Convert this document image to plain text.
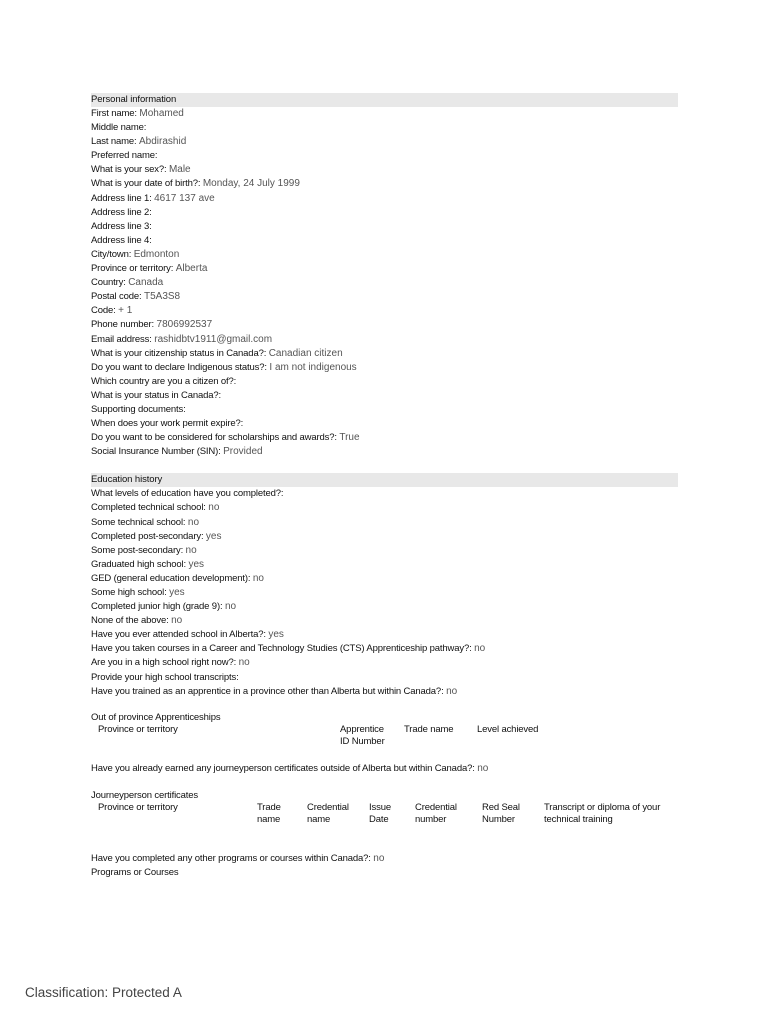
Personal information
First name: Mohamed
Middle name:
Last name: Abdirashid
Preferred name:
What is your sex?: Male
What is your date of birth?: Monday, 24 July 1999
Address line 1: 4617 137 ave
Address line 2:
Address line 3:
Address line 4:
City/town: Edmonton
Province or territory: Alberta
Country: Canada
Postal code: T5A3S8
Code: + 1
Phone number: 7806992537
Email address: rashidbtv1911@gmail.com
What is your citizenship status in Canada?: Canadian citizen
Do you want to declare Indigenous status?: I am not indigenous
Which country are you a citizen of?:
What is your status in Canada?:
Supporting documents:
When does your work permit expire?:
Do you want to be considered for scholarships and awards?: True
Social Insurance Number (SIN): Provided
Education history
What levels of education have you completed?:
Completed technical school: no
Some technical school: no
Completed post-secondary: yes
Some post-secondary: no
Graduated high school: yes
GED (general education development): no
Some high school: yes
Completed junior high (grade 9): no
None of the above: no
Have you ever attended school in Alberta?: yes
Have you taken courses in a Career and Technology Studies (CTS) Apprenticeship pathway?: no
Are you in a high school right now?: no
Provide your high school transcripts:
Have you trained as an apprentice in a province other than Alberta but within Canada?: no
Out of province Apprenticeships
Province or territory	Apprentice ID Number
Trade name Level achieved
Have you already earned any journeyperson certificates outside of Alberta but within Canada?: no
Journeyperson certificates
Province or territory	Trade name
Credential name
Issue Date
Credential number
Red Seal Number
Transcript or diploma of your technical training
Have you completed any other programs or courses within Canada?: no
Programs or Courses
Classification: Protected A
